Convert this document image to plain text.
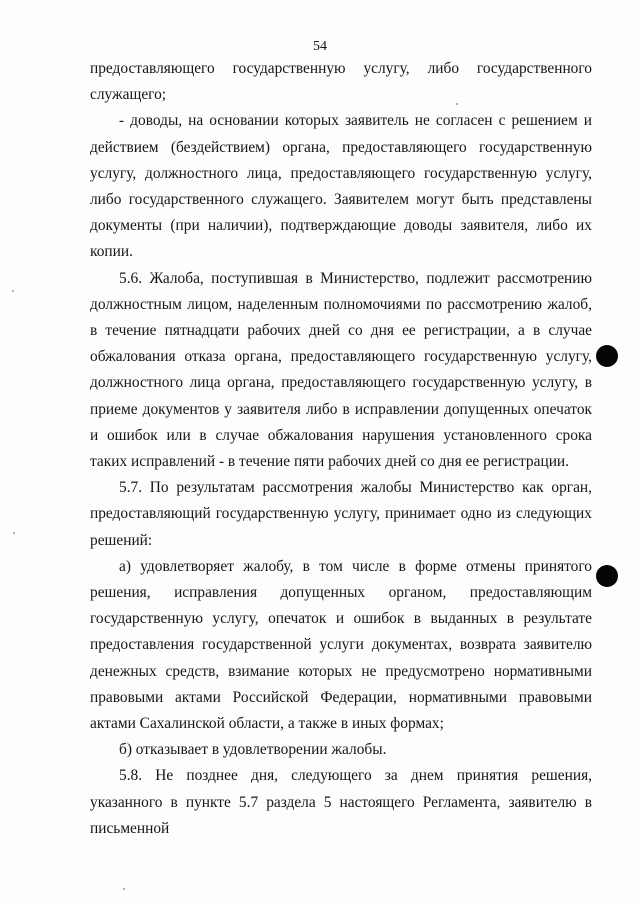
54

предоставляющего государственную услугу, либо государственного служащего;

- доводы, на основании которых заявитель не согласен с решением и действием (бездействием) органа, предоставляющего государственную услугу, должностного лица, предоставляющего государственную услугу, либо государственного служащего. Заявителем могут быть представлены документы (при наличии), подтверждающие доводы заявителя, либо их копии.

5.6. Жалоба, поступившая в Министерство, подлежит рассмотрению должностным лицом, наделенным полномочиями по рассмотрению жалоб, в течение пятнадцати рабочих дней со дня ее регистрации, а в случае обжалования отказа органа, предоставляющего государственную услугу, должностного лица органа, предоставляющего государственную услугу, в приеме документов у заявителя либо в исправлении допущенных опечаток и ошибок или в случае обжалования нарушения установленного срока таких исправлений - в течение пяти рабочих дней со дня ее регистрации.

5.7. По результатам рассмотрения жалобы Министерство как орган, предоставляющий государственную услугу, принимает одно из следующих решений:

а) удовлетворяет жалобу, в том числе в форме отмены принятого решения, исправления допущенных органом, предоставляющим государственную услугу, опечаток и ошибок в выданных в результате предоставления государственной услуги документах, возврата заявителю денежных средств, взимание которых не предусмотрено нормативными правовыми актами Российской Федерации, нормативными правовыми актами Сахалинской области, а также в иных формах;

б) отказывает в удовлетворении жалобы.

5.8. Не позднее дня, следующего за днем принятия решения, указанного в пункте 5.7 раздела 5 настоящего Регламента, заявителю в письменной
